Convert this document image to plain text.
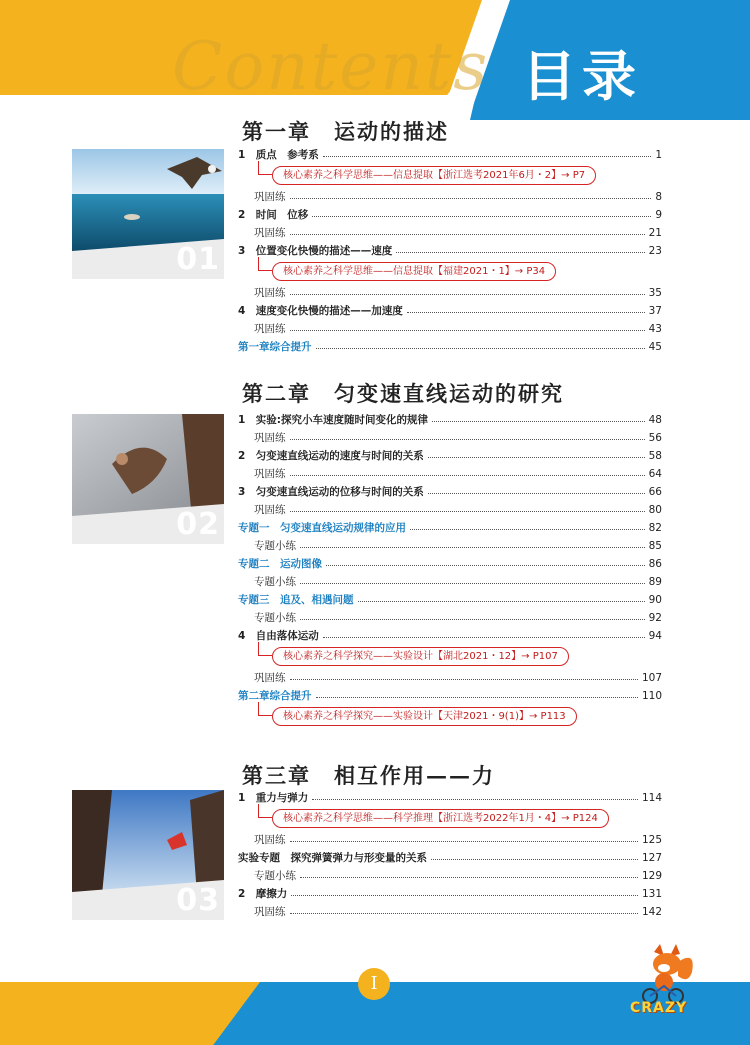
Contents 目录
第一章　运动的描述
01
1　质点　参考系	1
核心素养之科学思维——信息提取【浙江选考2021年6月・2】→ P7
巩固练	8
2　时间　位移	9
巩固练	21
3　位置变化快慢的描述——速度	23
核心素养之科学思维——信息提取【福建2021・1】→ P34
巩固练	35
4　速度变化快慢的描述——加速度	37
巩固练	43
第一章综合提升	45
第二章　匀变速直线运动的研究
02
1　实验:探究小车速度随时间变化的规律	48
巩固练	56
2　匀变速直线运动的速度与时间的关系	58
巩固练	64
3　匀变速直线运动的位移与时间的关系	66
巩固练	80
专题一　匀变速直线运动规律的应用	82
专题小练	85
专题二　运动图像	86
专题小练	89
专题三　追及、相遇问题	90
专题小练	92
4　自由落体运动	94
核心素养之科学探究——实验设计【湖北2021・12】→ P107
巩固练	107
第二章综合提升	110
核心素养之科学探究——实验设计【天津2021・9(1)】→ P113
第三章　相互作用——力
03
1　重力与弹力	114
核心素养之科学思维——科学推理【浙江选考2022年1月・4】→ P124
巩固练	125
实验专题　探究弹簧弹力与形变量的关系	127
专题小练	129
2　摩擦力	131
巩固练	142
I
CRAZY
